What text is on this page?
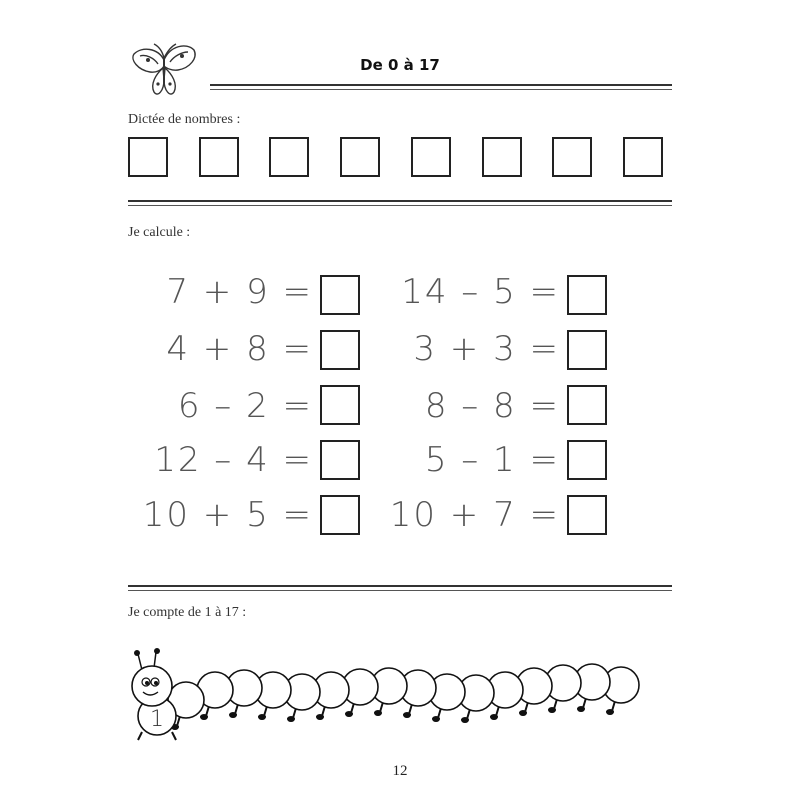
De 0 à 17
Dictée de nombres :
Je calcule :
7 + 9 =
4 + 8 =
6 – 2 =
12 – 4 =
10 + 5 =
14 – 5 =
3 + 3 =
8 – 8 =
5 – 1 =
10 + 7 =
Je compte de 1 à 17 :
1
12
